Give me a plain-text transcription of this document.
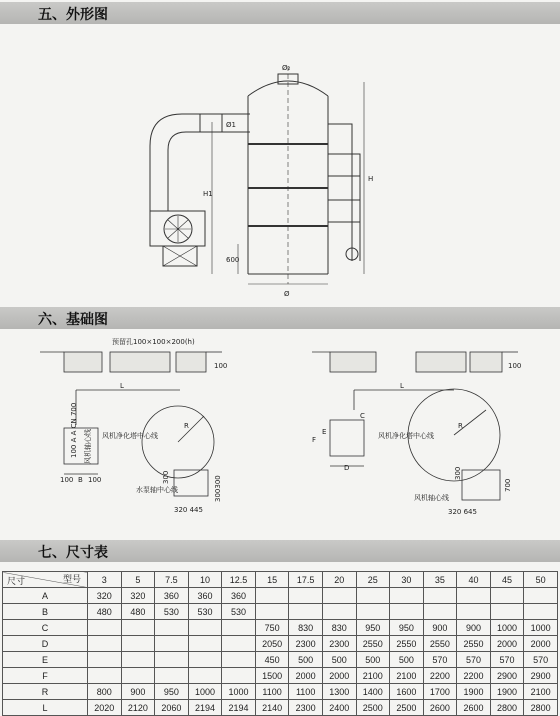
五、外形图
六、基础图
七、尺寸表
Ø₂
Ø1
H1
H
600
Ø
预留孔100×100×200(h)
100	100
L	L
R	R
风机净化塔中心线	风机净化塔中心线
风机轴心线
风机轴心线
水泵轴中心线
100 A A CN 700
100 B 100	300	300300
320 445
C
F
E
D	300
700
320 645
型号
尺寸	3	5	7.5	10	12.5	15	17.5	20	25	30	35	40	45	50
A	320	320	360	360	360									
B	480	480	530	530	530									
C						750	830	830	950	950	900	900	1000	1000
D						2050	2300	2300	2550	2550	2550	2550	2000	2000
E						450	500	500	500	500	570	570	570	570
F						1500	2000	2000	2100	2100	2200	2200	2900	2900
R	800	900	950	1000	1000	1100	1100	1300	1400	1600	1700	1900	1900	2100
L	2020	2120	2060	2194	2194	2140	2300	2400	2500	2500	2600	2600	2800	2800
